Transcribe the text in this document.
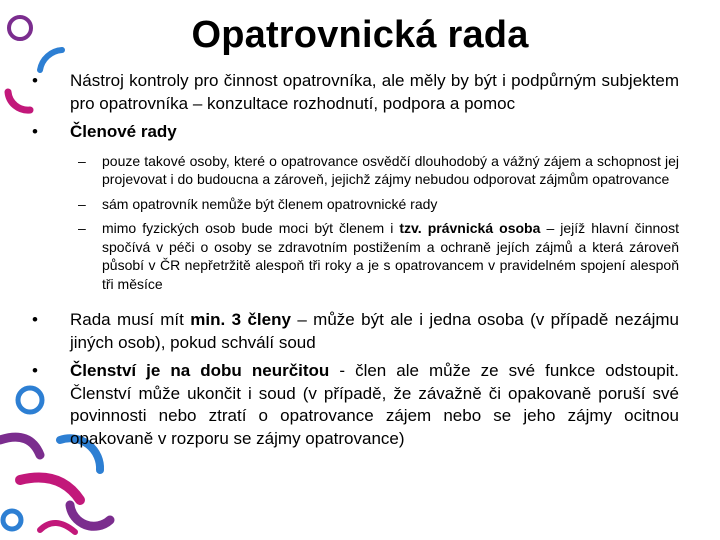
Opatrovnická rada

• Nástroj kontroly pro činnost opatrovníka, ale měly by být i podpůrným subjektem pro opatrovníka – konzultace rozhodnutí, podpora a pomoc

• Členové rady

– pouze takové osoby, které o opatrovance osvědčí dlouhodobý a vážný zájem a schopnost jej projevovat i do budoucna a zároveň, jejichž zájmy nebudou odporovat zájmům opatrovance

– sám opatrovník nemůže být členem opatrovnické rady

– mimo fyzických osob bude moci být členem i tzv. právnická osoba – jejíž hlavní činnost spočívá v péči o osoby se zdravotním postižením a ochraně jejích zájmů a která zároveň působí v ČR nepřetržitě alespoň tři roky a je s opatrovancem v pravidelném spojení alespoň tři měsíce

• Rada musí mít min. 3 členy – může být ale i jedna osoba (v případě nezájmu jiných osob), pokud schválí soud

• Členství je na dobu neurčitou - člen ale může ze své funkce odstoupit. Členství může ukončit i soud (v případě, že závažně či opakovaně poruší své povinnosti nebo ztratí o opatrovance zájem nebo se jeho zájmy ocitnou opakovaně v rozporu se zájmy opatrovance)
